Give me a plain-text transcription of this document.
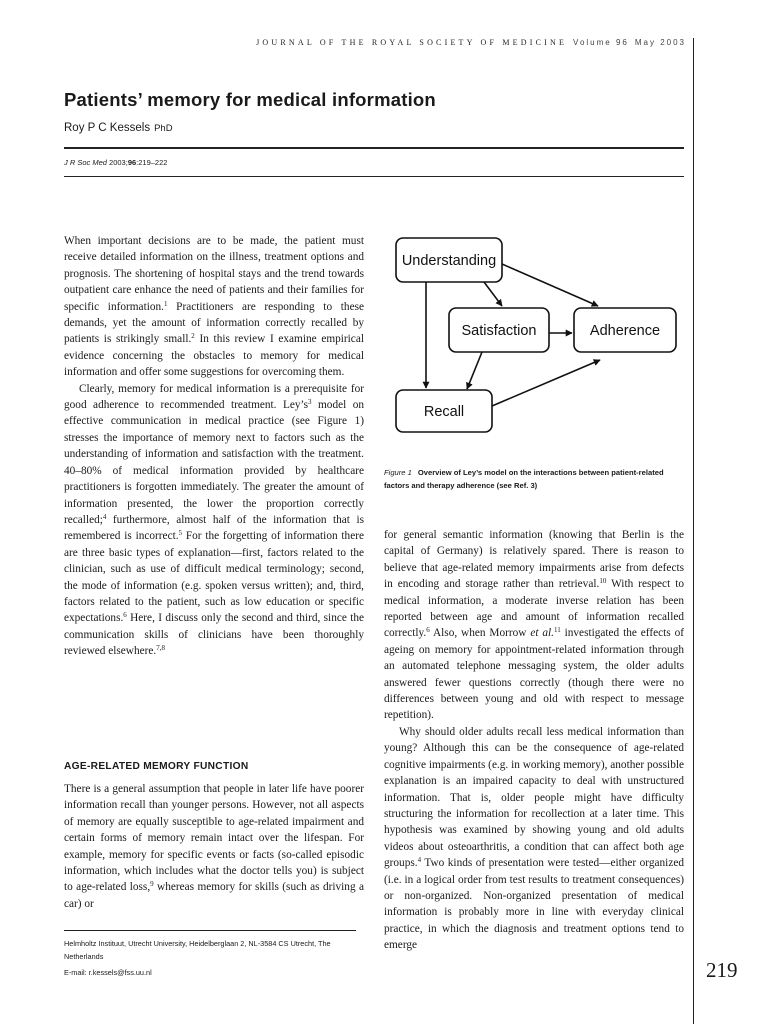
JOURNAL OF THE ROYAL SOCIETY OF MEDICINE Volume 96 May 2003
Patients’ memory for medical information
Roy P C Kessels PhD
J R Soc Med 2003;96:219–222

When important decisions are to be made, the patient must receive detailed information on the illness, treatment options and prognosis. The shortening of hospital stays and the trend towards outpatient care enhance the need of patients and their families for specific information.$^1$ Practitioners are responding to these demands, yet the amount of information correctly recalled by patients is strikingly small.$^2$ In this review I examine empirical evidence concerning the obstacles to memory for medical information and offer some suggestions for overcoming them.

Clearly, memory for medical information is a prerequisite for good adherence to recommended treatment. $Ley’s^3$ model on effective communication in medical practice (see Figure 1) stresses the importance of memory next to factors such as the understanding of information and satisfaction with the treatment. 40–80% of medical information provided by healthcare practitioners is forgotten immediately. The greater the amount of information presented, the lower the proportion correctly recalled;$^4$ furthermore, almost half of the information that is remembered is incorrect.$^5$ For the forgetting of information there are three basic types of explanation—first, factors related to the clinician, such as use of difficult medical terminology; second, the mode of information (e.g. spoken versus written); and, third, factors related to the patient, such as low education or specific expectations.$^6$ Here, I discuss only the second and third, since the communication skills of clinicians have been thoroughly reviewed elsewhere.$^{7,8}$

AGE-RELATED MEMORY FUNCTION

There is a general assumption that people in later life have poorer information recall than younger persons. However, not all aspects of memory are equally susceptible to age-related impairment and certain forms of memory remain intact over the lifespan. For example, memory for specific events or facts (so-called episodic information, which includes what the doctor tells you) is subject to age-related loss,$^9$ whereas memory for skills (such as driving a car) or

Helmholtz Instituut, Utrecht University, Heidelberglaan 2, NL-3584 CS Utrecht, The Netherlands

E-mail: r.kessels@fss.uu.nl

Understanding
Satisfaction	Adherence
Recall
Figure 1 Overview of Ley’s model on the interactions between patient-related factors and therapy adherence (see Ref. 3)

for general semantic information (knowing that Berlin is the capital of Germany) is relatively spared. There is reason to believe that age-related memory impairments arise from defects in encoding and storage rather than retrieval.$^{10}$ With respect to medical information, a moderate inverse relation has been reported between age and amount of information recalled correctly.$^6$ Also, when Morrow et al.$^{11}$ investigated the effects of ageing on memory for appointment-related information through an automated telephone messaging system, the older adults answered fewer questions correctly (though there were no differences between young and old with respect to message repetition).

Why should older adults recall less medical information than young? Although this can be the consequence of age-related cognitive impairments (e.g. in working memory), another possible explanation is an impaired capacity to deal with unstructured information. That is, older people might have difficulty structuring the information for recollection at a later time. This hypothesis was examined by showing young and old adults videos about osteoarthritis, a condition that can affect both age groups.$^4$ Two kinds of presentation were tested—either organized (i.e. in a logical order from test results to treatment consequences) or non-organized. Non-organized presentation of medical information is probably more in line with everyday clinical practice, in which the diagnosis and treatment options tend to emerge

219
